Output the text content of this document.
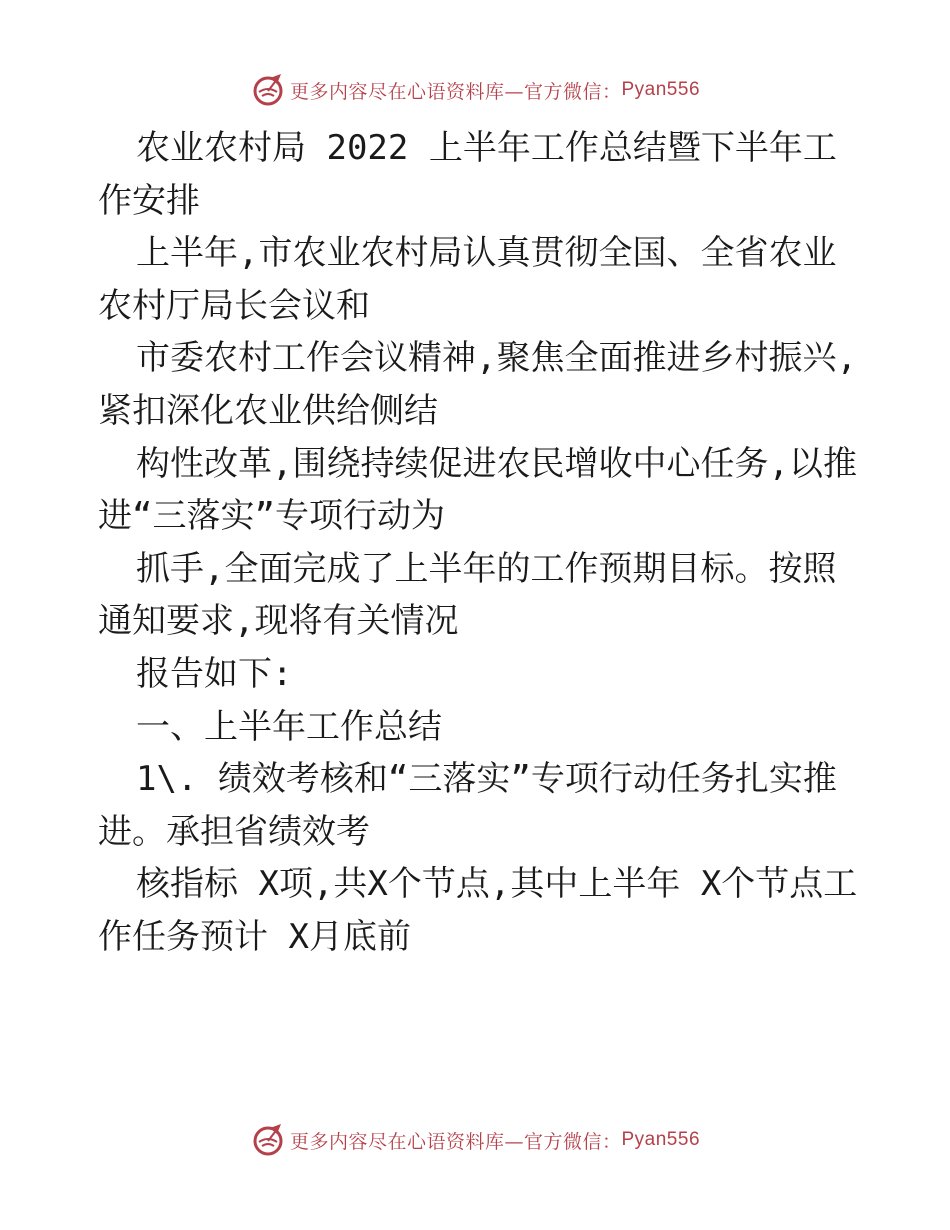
更多内容尽在心语资料库—官方微信： Pyan556

农业农村局 2022 上半年工作总结暨下半年工作安排

上半年,市农业农村局认真贯彻全国、全省农业农村厅局长会议和

市委农村工作会议精神,聚焦全面推进乡村振兴,紧扣深化农业供给侧结

构性改革,围绕持续促进农民增收中心任务,以推进“三落实”专项行动为

抓手,全面完成了上半年的工作预期目标。按照通知要求,现将有关情况

报告如下:

一、上半年工作总结

1\. 绩效考核和“三落实”专项行动任务扎实推进。承担省绩效考

核指标 X项,共X个节点,其中上半年 X个节点工作任务预计 X月底前

更多内容尽在心语资料库—官方微信： Pyan556
